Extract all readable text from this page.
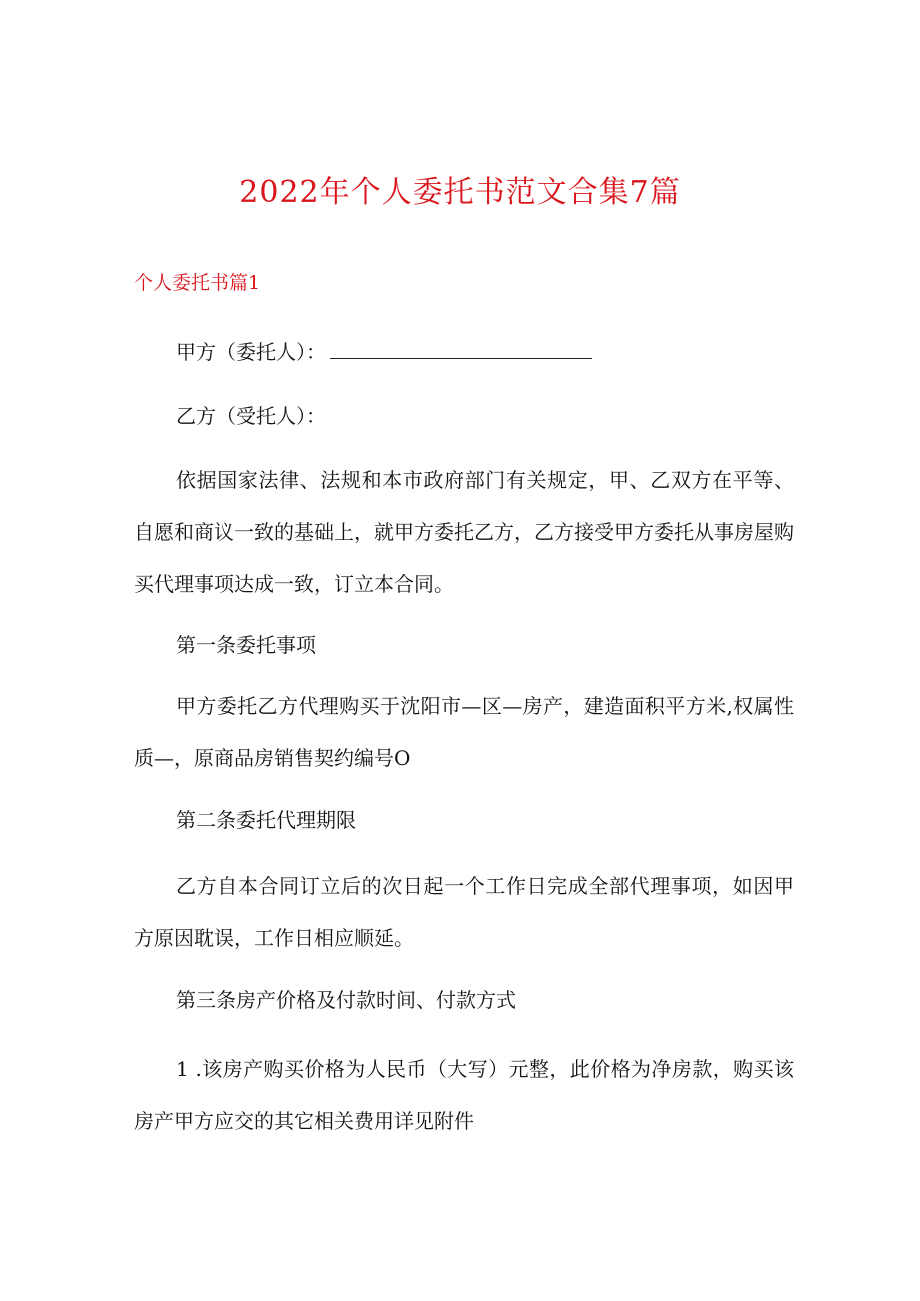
2022年个人委托书范文合集7篇
个人委托书篇1
甲方（委托人）：
乙方（受托人）：
依据国家法律、法规和本市政府部门有关规定，甲、乙双方在平等、自愿和商议一致的基础上，就甲方委托乙方，乙方接受甲方委托从事房屋购买代理事项达成一致，订立本合同。
第一条委托事项
甲方委托乙方代理购买于沈阳市—区—房产，建造面积平方米,权属性质—，原商品房销售契约编号O
第二条委托代理期限
乙方自本合同订立后的次日起一个工作日完成全部代理事项，如因甲方原因耽误，工作日相应顺延。
第三条房产价格及付款时间、付款方式
1 .该房产购买价格为人民币（大写）元整，此价格为净房款，购买该房产甲方应交的其它相关费用详见附件
